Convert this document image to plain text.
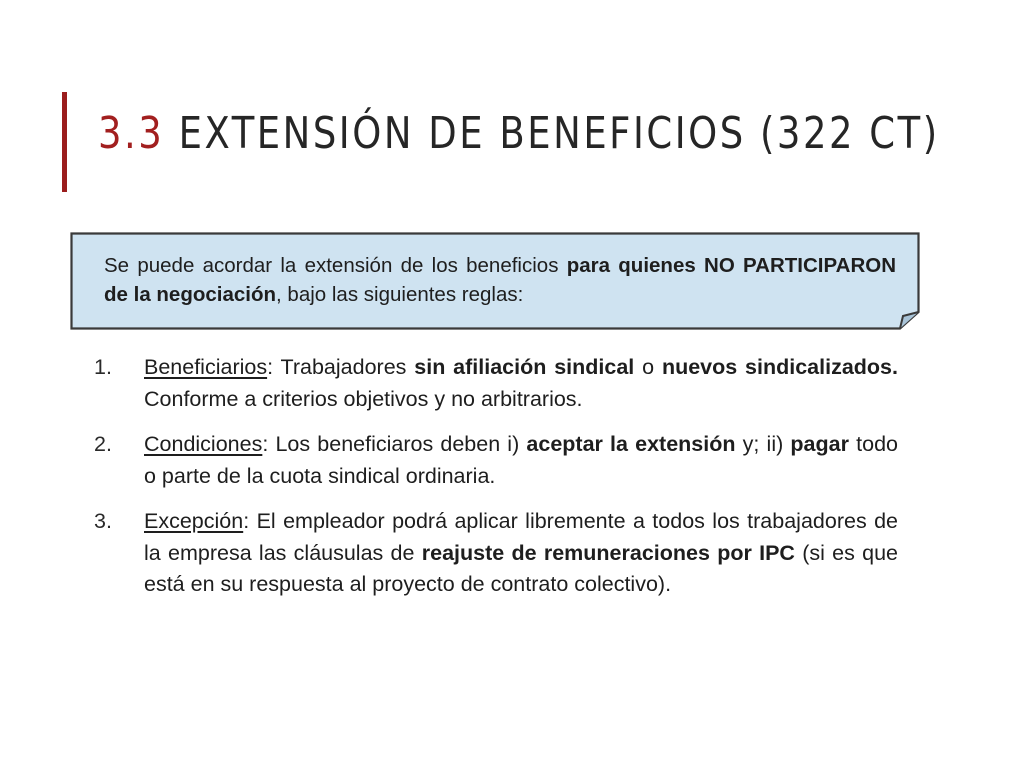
3.3 EXTENSIÓN DE BENEFICIOS (322 CT)

Se puede acordar la extensión de los beneficios para quienes NO PARTICIPARON de la negociación, bajo las siguientes reglas:

1. Beneficiarios: Trabajadores sin afiliación sindical o nuevos sindicalizados. Conforme a criterios objetivos y no arbitrarios.
2. Condiciones: Los beneficiaros deben i) aceptar la extensión y; ii) pagar todo o parte de la cuota sindical ordinaria.
3. Excepción: El empleador podrá aplicar libremente a todos los trabajadores de la empresa las cláusulas de reajuste de remuneraciones por IPC (si es que está en su respuesta al proyecto de contrato colectivo).
